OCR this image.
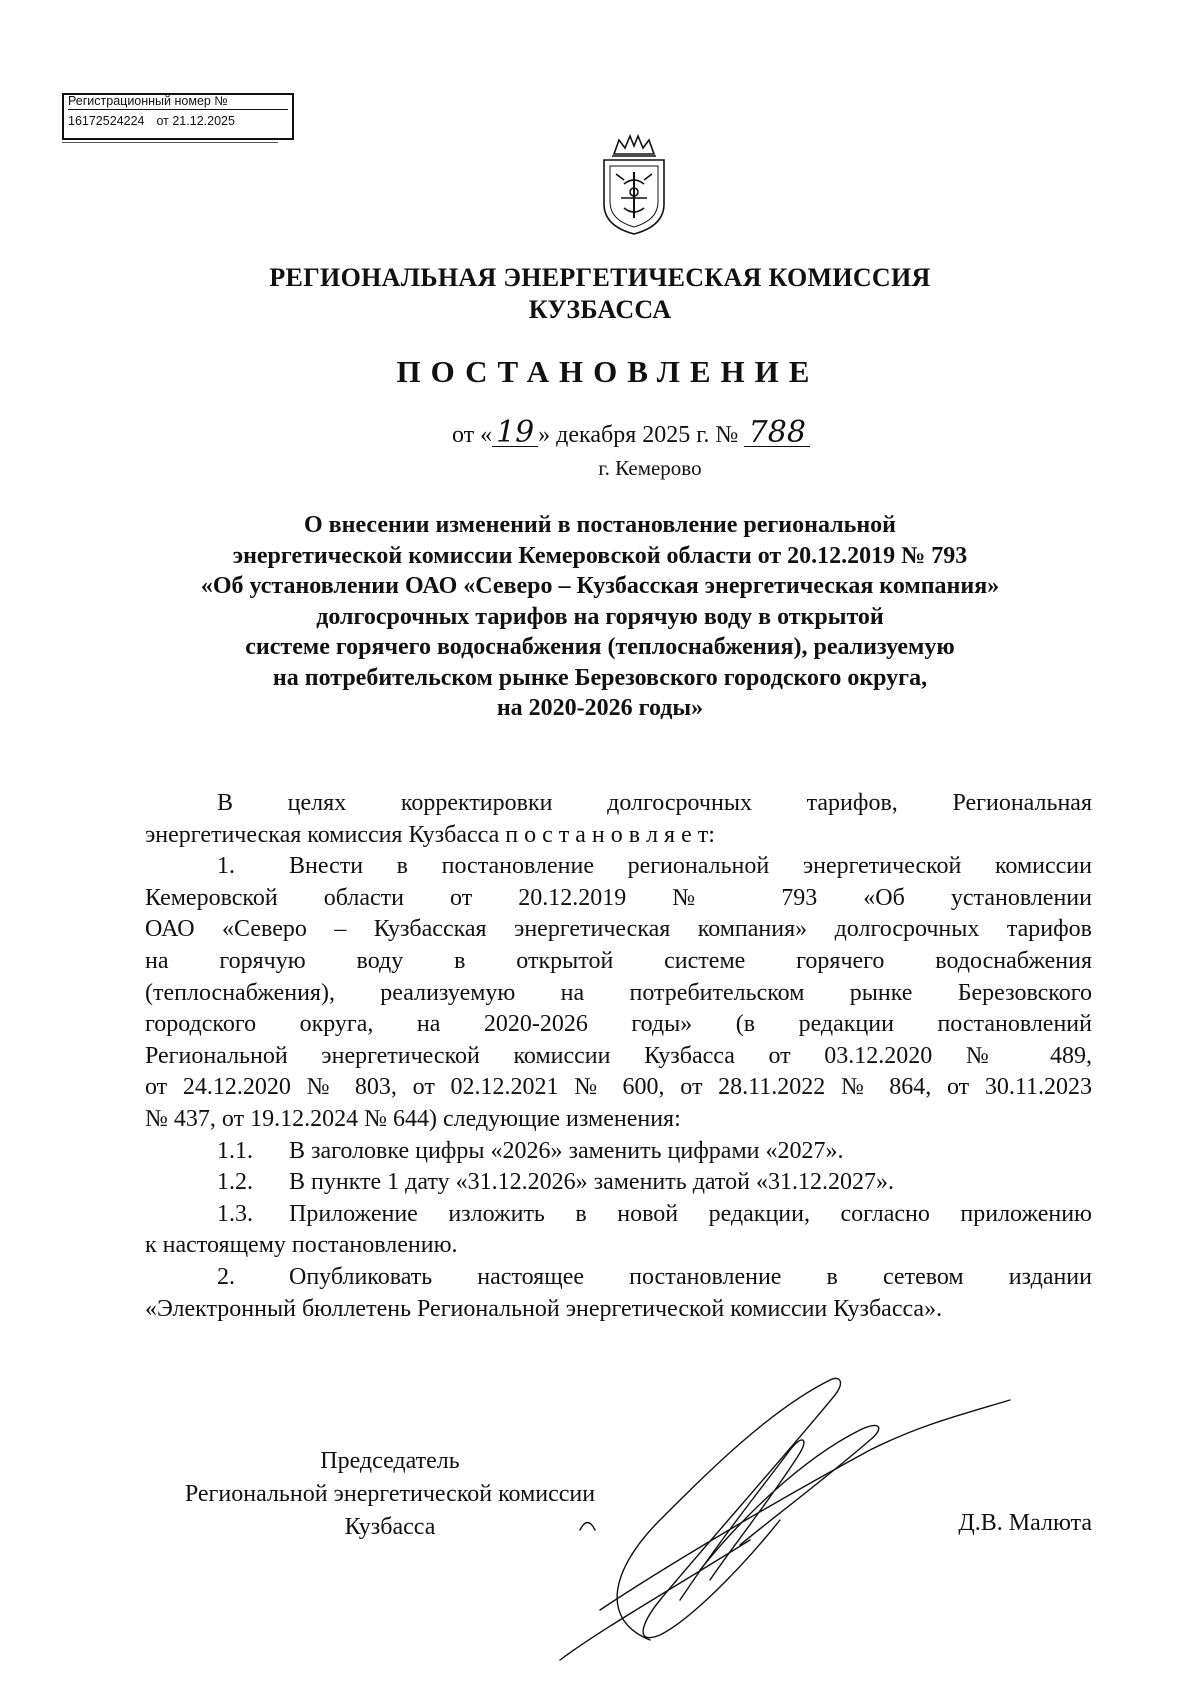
Регистрационный номер №
16172524224 от 21.12.2025
РЕГИОНАЛЬНАЯ ЭНЕРГЕТИЧЕСКАЯ КОМИССИЯ
КУЗБАССА
ПОСТАНОВЛЕНИЕ
от « 19 » декабря 2025 г. № 788
г. Кемерово
О внесении изменений в постановление региональной
энергетической комиссии Кемеровской области от 20.12.2019 № 793
«Об установлении ОАО «Северо – Кузбасская энергетическая компания»
долгосрочных тарифов на горячую воду в открытой
системе горячего водоснабжения (теплоснабжения), реализуемую
на потребительском рынке Березовского городского округа,
на 2020-2026 годы»
В целях корректировки долгосрочных тарифов, Региональная
энергетическая комиссия Кузбасса п о с т а н о в л я е т:
1. Внести в постановление региональной энергетической комиссии
Кемеровской области от 20.12.2019 № 793 «Об установлении
ОАО «Северо – Кузбасская энергетическая компания» долгосрочных тарифов
на горячую воду в открытой системе горячего водоснабжения
(теплоснабжения), реализуемую на потребительском рынке Березовского
городского округа, на 2020-2026 годы» (в редакции постановлений
Региональной энергетической комиссии Кузбасса от 03.12.2020 № 489,
от 24.12.2020 № 803, от 02.12.2021 № 600, от 28.11.2022 № 864, от 30.11.2023
№ 437, от 19.12.2024 № 644) следующие изменения:
1.1. В заголовке цифры «2026» заменить цифрами «2027».
1.2. В пункте 1 дату «31.12.2026» заменить датой «31.12.2027».
1.3. Приложение изложить в новой редакции, согласно приложению
к настоящему постановлению.
2. Опубликовать настоящее постановление в сетевом издании
«Электронный бюллетень Региональной энергетической комиссии Кузбасса».
Председатель
Региональной энергетической комиссии
Кузбасса	Д.В. Малюта
